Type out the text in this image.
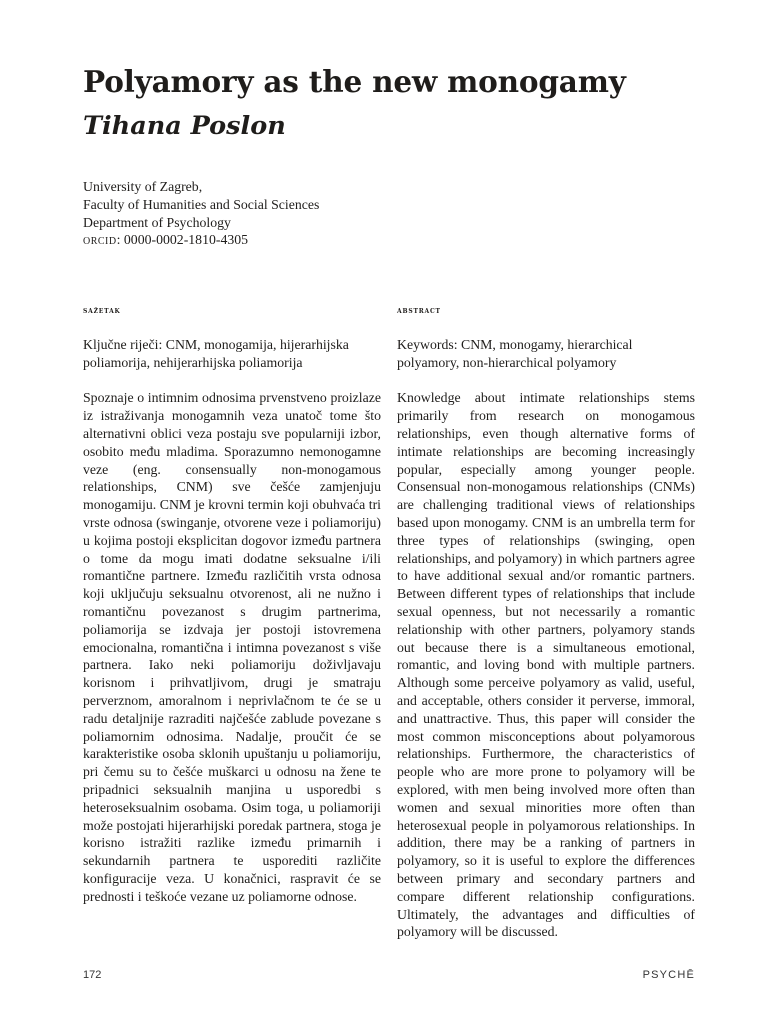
Polyamory as the new monogamy
Tihana Poslon
University of Zagreb,
Faculty of Humanities and Social Sciences
Department of Psychology
orcid: 0000-0002-1810-4305
sažetak	abstract

Ključne riječi: CNM, monogamija, hijerarhijska poliamorija, nehijerarhijska poliamorija

Spoznaje o intimnim odnosima prvenstveno proizlaze iz istraživanja monogamnih veza unatoč tome što alternativni oblici veza postaju sve popularniji izbor, osobito među mladima. Sporazumno nemonogamne veze (eng. consensually non-monogamous relationships, CNM) sve češće zamjenjuju monogamiju. CNM je krovni termin koji obuhvaća tri vrste odnosa (swinganje, otvorene veze i poliamoriju) u kojima postoji eksplicitan dogovor između partnera o tome da mogu imati dodatne seksualne i/ili romantične partnere. Između različitih vrsta odnosa koji uključuju seksualnu otvorenost, ali ne nužno i romantičnu povezanost s drugim partnerima, poliamorija se izdvaja jer postoji istovremena emocionalna, romantična i intimna povezanost s više partnera. Iako neki poliamoriju doživljavaju korisnom i prihvatljivom, drugi je smatraju perverznom, amoralnom i neprivlačnom te će se u radu detaljnije razraditi najčešće zablude povezane s poliamornim odnosima. Nadalje, proučit će se karakteristike osoba sklonih upuštanju u poliamoriju, pri čemu su to češće muškarci u odnosu na žene te pripadnici seksualnih manjina u usporedbi s heteroseksualnim osobama. Osim toga, u poliamoriji može postojati hijerarhijski poredak partnera, stoga je korisno istražiti razlike između primarnih i sekundarnih partnera te usporediti različite konfiguracije veza. U konačnici, raspravit će se prednosti i teškoće vezane uz poliamorne odnose.

Keywords: CNM, monogamy, hierarchical polyamory, non-hierarchical polyamory

Knowledge about intimate relationships stems primarily from research on monogamous relationships, even though alternative forms of intimate relationships are becoming increasingly popular, especially among younger people. Consensual non-monogamous relationships (CNMs) are challenging traditional views of relationships based upon monogamy. CNM is an umbrella term for three types of relationships (swinging, open relationships, and polyamory) in which partners agree to have additional sexual and/or romantic partners. Between different types of relationships that include sexual openness, but not necessarily a romantic relationship with other partners, polyamory stands out because there is a simultaneous emotional, romantic, and loving bond with multiple partners. Although some perceive polyamory as valid, useful, and acceptable, others consider it perverse, immoral, and unattractive. Thus, this paper will consider the most common misconceptions about polyamorous relationships. Furthermore, the characteristics of people who are more prone to polyamory will be explored, with men being involved more often than women and sexual minorities more often than heterosexual people in polyamorous relationships. In addition, there may be a ranking of partners in polyamory, so it is useful to explore the differences between primary and secondary partners and compare different relationship configurations. Ultimately, the advantages and difficulties of polyamory will be discussed.

172	PSYCHĒ
